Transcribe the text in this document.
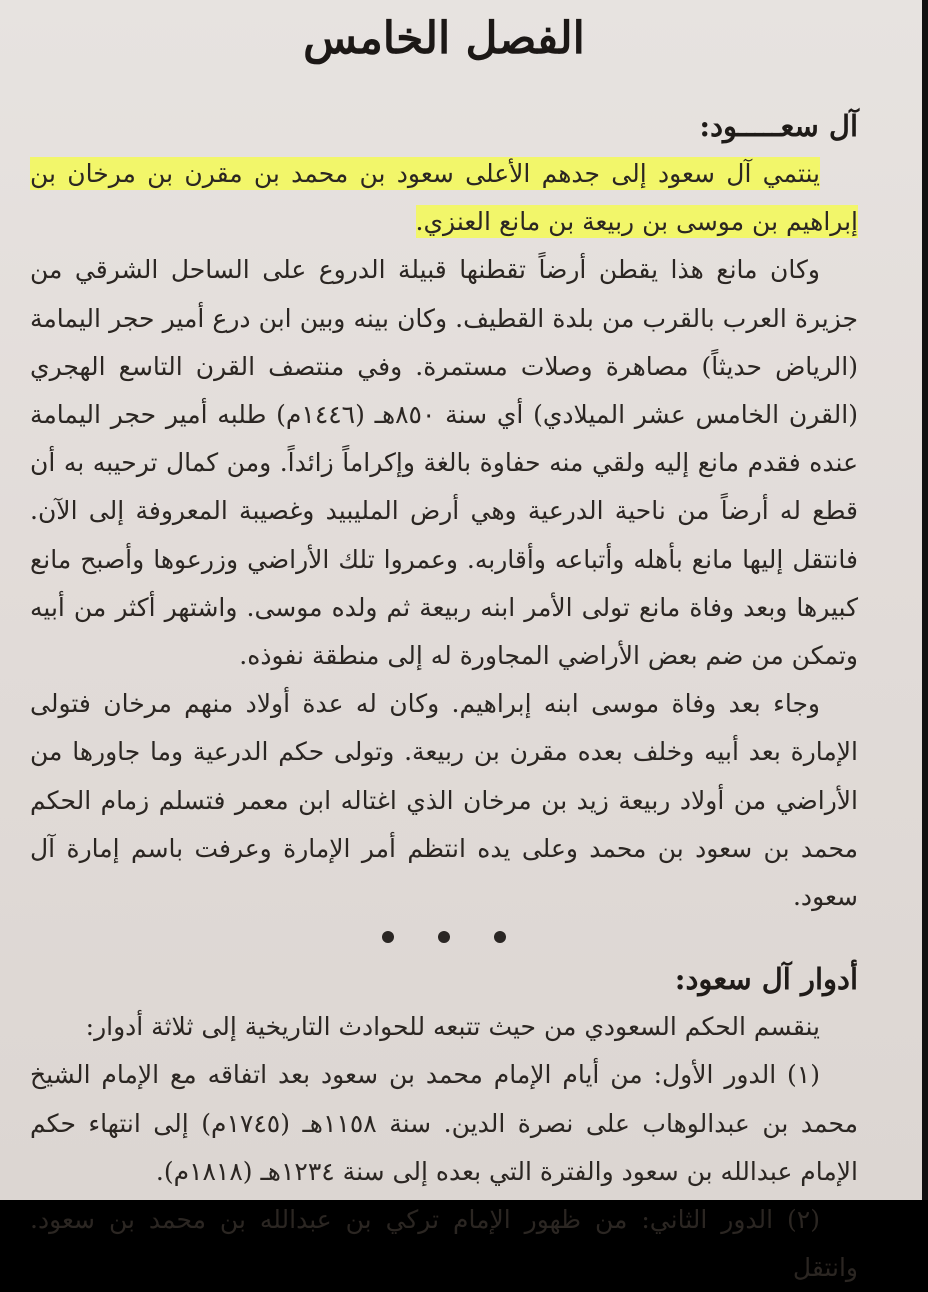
الفصل الخامس
آل سعـــــود:

ينتمي آل سعود إلى جدهم الأعلى سعود بن محمد بن مقرن بن مرخان بن إبراهيم بن موسى بن ربيعة بن مانع العنزي.

وكان مانع هذا يقطن أرضاً تقطنها قبيلة الدروع على الساحل الشرقي من جزيرة العرب بالقرب من بلدة القطيف. وكان بينه وبين ابن درع أمير حجر اليمامة (الرياض حديثاً) مصاهرة وصلات مستمرة. وفي منتصف القرن التاسع الهجري (القرن الخامس عشر الميلادي) أي سنة ٨٥٠هـ (١٤٤٦م) طلبه أمير حجر اليمامة عنده فقدم مانع إليه ولقي منه حفاوة بالغة وإكراماً زائداً. ومن كمال ترحيبه به أن قطع له أرضاً من ناحية الدرعية وهي أرض المليبيد وغصيبة المعروفة إلى الآن. فانتقل إليها مانع بأهله وأتباعه وأقاربه. وعمروا تلك الأراضي وزرعوها وأصبح مانع كبيرها وبعد وفاة مانع تولى الأمر ابنه ربيعة ثم ولده موسى. واشتهر أكثر من أبيه وتمكن من ضم بعض الأراضي المجاورة له إلى منطقة نفوذه.

وجاء بعد وفاة موسى ابنه إبراهيم. وكان له عدة أولاد منهم مرخان فتولى الإمارة بعد أبيه وخلف بعده مقرن بن ربيعة. وتولى حكم الدرعية وما جاورها من الأراضي من أولاد ربيعة زيد بن مرخان الذي اغتاله ابن معمر فتسلم زمام الحكم محمد بن سعود بن محمد وعلى يده انتظم أمر الإمارة وعرفت باسم إمارة آل سعود.

أدوار آل سعود:

ينقسم الحكم السعودي من حيث تتبعه للحوادث التاريخية إلى ثلاثة أدوار:

(١) الدور الأول: من أيام الإمام محمد بن سعود بعد اتفاقه مع الإمام الشيخ محمد بن عبدالوهاب على نصرة الدين. سنة ١١٥٨هـ (١٧٤٥م) إلى انتهاء حكم الإمام عبدالله بن سعود والفترة التي بعده إلى سنة ١٢٣٤هـ (١٨١٨م).

(٢) الدور الثاني: من ظهور الإمام تركي بن عبدالله بن محمد بن سعود. وانتقل
